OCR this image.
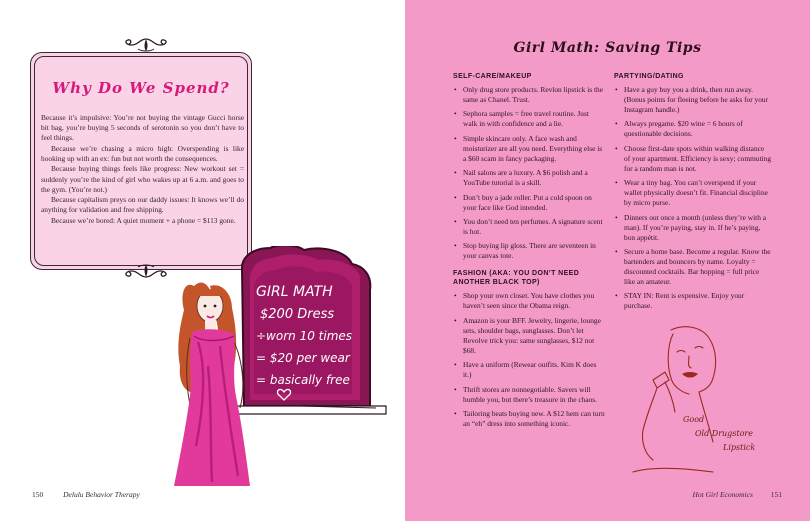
Why Do We Spend?

Because it’s impulsive: You’re not buying the vintage Gucci horse bit bag, you’re buying 5 seconds of serotonin so you don’t have to feel things.

Because we’re chasing a micro high: Overspending is like hooking up with an ex: fun but not worth the consequences.

Because buying things feels like progress: New workout set = suddenly you’re the kind of girl who wakes up at 6 a.m. and goes to the gym. (You’re not.)

Because capitalism preys on our daddy issues: It knows we’ll do anything for validation and free shipping.

Because we’re bored: A quiet moment + a phone = $113 gone.

GIRL MATH
$200 Dress
÷worn 10 times
= $20 per wear
= basically free
150	Delulu Behavior Therapy
Girl Math: Saving Tips
SELF-CARE/MAKEUP
• Only drug store products. Revlon lipstick is the same as Chanel. Trust.
• Sephora samples = free travel routine. Just walk in with confidence and a lie.
• Simple skincare only. A face wash and moisturizer are all you need. Everything else is a $60 scam in fancy packaging.
• Nail salons are a luxury. A $6 polish and a YouTube tutorial is a skill.
• Don’t buy a jade roller. Put a cold spoon on your face like God intended.
• You don’t need ten perfumes. A signature scent is hot.
• Stop buying lip gloss. There are seventeen in your canvas tote.
FASHION (AKA: YOU DON’T NEED ANOTHER BLACK TOP)
• Shop your own closet. You have clothes you haven’t seen since the Obama reign.
• Amazon is your BFF. Jewelry, lingerie, lounge sets, shoulder bags, sunglasses. Don’t let Revolve trick you: same sunglasses, $12 not $68.
• Have a uniform (Rewear outfits. Kim K does it.)
• Thrift stores are nonnegotiable. Savers will humble you, but there’s treasure in the chaos.
• Tailoring beats buying new. A $12 hem can turn an “eh” dress into something iconic.
PARTYING/DATING
• Have a guy buy you a drink, then run away. (Bonus points for fleeing before he asks for your Instagram handle.)
• Always pregame. $20 wine = 6 hours of questionable decisions.
• Choose first-date spots within walking distance of your apartment. Efficiency is sexy; commuting for a random man is not.
• Wear a tiny bag. You can’t overspend if your wallet physically doesn’t fit. Financial discipline by micro purse.
• Dinners out once a month (unless they’re with a man). If you’re paying, stay in. If he’s paying, bon appétit.
• Secure a home base. Become a regular. Know the bartenders and bouncers by name. Loyalty = discounted cocktails. Bar hopping = full price like an amateur.
• STAY IN: Rent is expensive. Enjoy your purchase.
Good
Old Drugstore
Lipstick
Hot Girl Economics 151
